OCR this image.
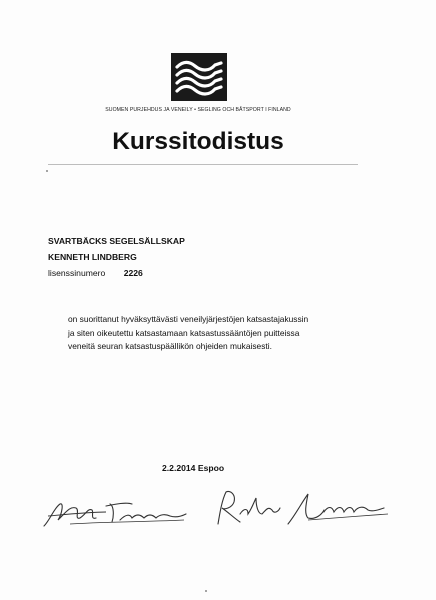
SUOMEN PURJEHDUS JA VENEILY • SEGLING OCH BÅTSPORT I FINLAND
Kurssitodistus
SVARTBÄCKS SEGELSÄLLSKAP
KENNETH LINDBERG
lisenssinumero 2226
on suorittanut hyväksyttävästi veneilyjärjestöjen katsastajakussin
ja siten oikeutettu katsastamaan katsastussääntöjen puitteissa
veneitä seuran katsastuspäällikön ohjeiden mukaisesti.
2.2.2014 Espoo
